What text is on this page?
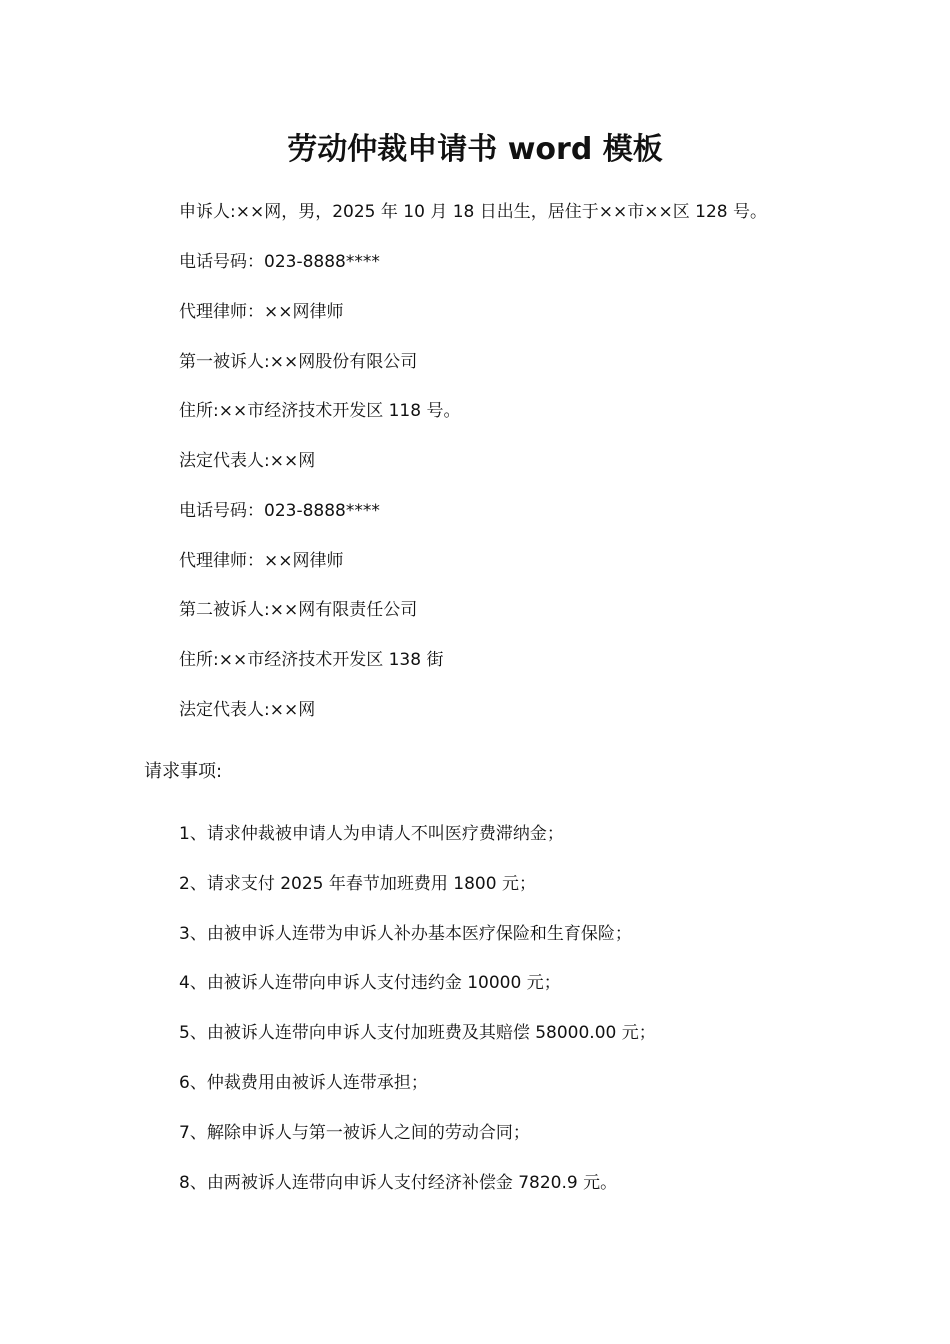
劳动仲裁申请书 word 模板
申诉人:××网，男，2025 年 10 月 18 日出生，居住于××市××区 128 号。
电话号码：023-8888****
代理律师：××网律师
第一被诉人:××网股份有限公司
住所:××市经济技术开发区 118 号。
法定代表人:××网
电话号码：023-8888****
代理律师：××网律师
第二被诉人:××网有限责任公司
住所:××市经济技术开发区 138 街
法定代表人:××网
请求事项:
1、请求仲裁被申请人为申请人不叫医疗费滞纳金；
2、请求支付 2025 年春节加班费用 1800 元；
3、由被申诉人连带为申诉人补办基本医疗保险和生育保险；
4、由被诉人连带向申诉人支付违约金 10000 元；
5、由被诉人连带向申诉人支付加班费及其赔偿 58000.00 元；
6、仲裁费用由被诉人连带承担；
7、解除申诉人与第一被诉人之间的劳动合同；
8、由两被诉人连带向申诉人支付经济补偿金 7820.9 元。
